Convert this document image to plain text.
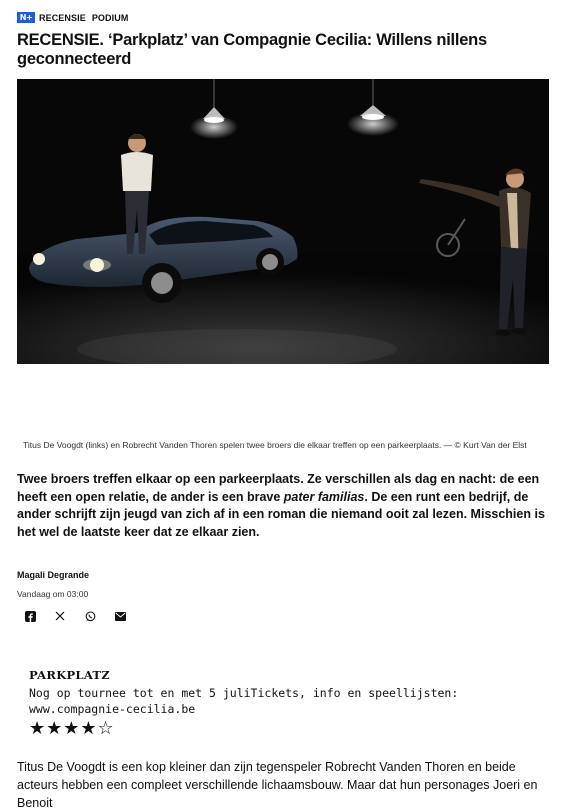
N+ RECENSIE PODIUM
RECENSIE. ‘Parkplatz’ van Compagnie Cecilia: Willens nillens geconnecteerd
Titus De Voogdt (links) en Robrecht Vanden Thoren spelen twee broers die elkaar treffen op een parkeerplaats. — © Kurt Van der Elst

Twee broers treffen elkaar op een parkeerplaats. Ze verschillen als dag en nacht: de een heeft een open relatie, de ander is een brave pater familias. De een runt een bedrijf, de ander schrijft zijn jeugd van zich af in een roman die niemand ooit zal lezen. Misschien is het wel de laatste keer dat ze elkaar zien.

Magali Degrande
Vandaag om 03:00
PARKPLATZ
Nog op tournee tot en met 5 juliTickets, info en speellijsten: www.compagnie-cecilia.be
★★★★☆
Titus De Voogdt is een kop kleiner dan zijn tegenspeler Robrecht Vanden Thoren en beide acteurs hebben een compleet verschillende lichaamsbouw. Maar dat hun personages Joeri en Benoit
